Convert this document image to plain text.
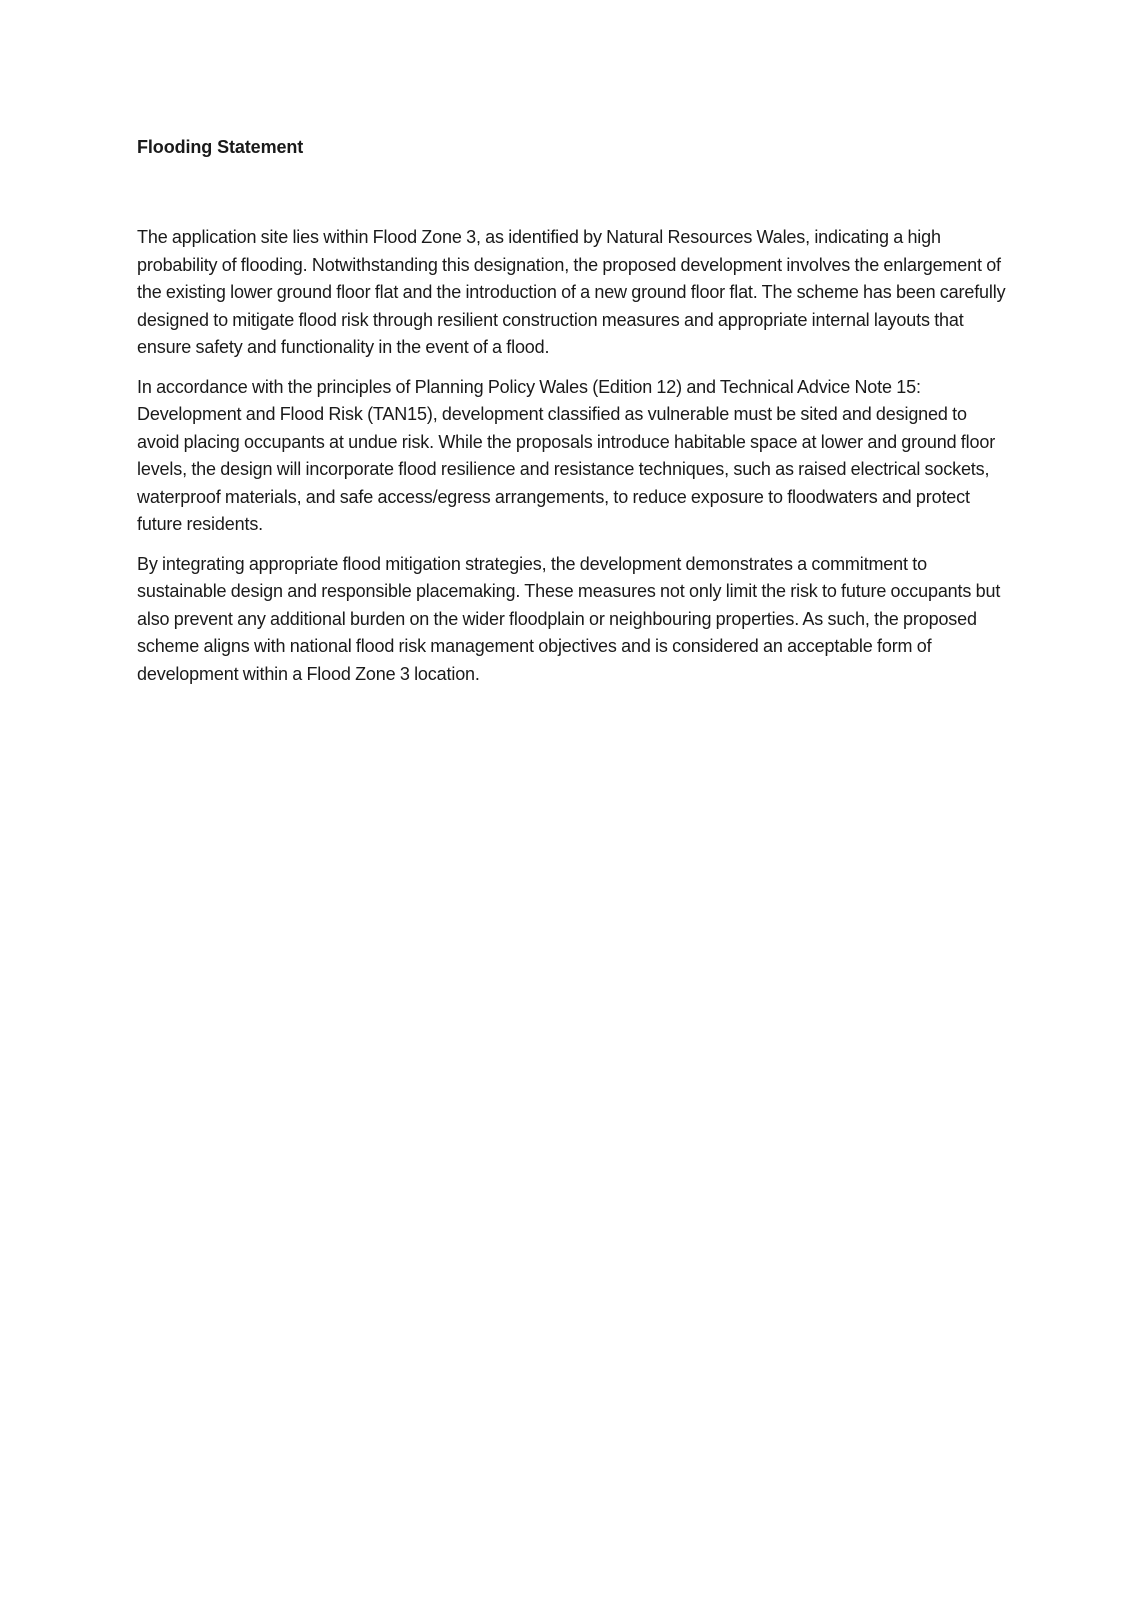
Flooding Statement

The application site lies within Flood Zone 3, as identified by Natural Resources Wales, indicating a high probability of flooding. Notwithstanding this designation, the proposed development involves the enlargement of the existing lower ground floor flat and the introduction of a new ground floor flat. The scheme has been carefully designed to mitigate flood risk through resilient construction measures and appropriate internal layouts that ensure safety and functionality in the event of a flood.

In accordance with the principles of Planning Policy Wales (Edition 12) and Technical Advice Note 15: Development and Flood Risk (TAN15), development classified as vulnerable must be sited and designed to avoid placing occupants at undue risk. While the proposals introduce habitable space at lower and ground floor levels, the design will incorporate flood resilience and resistance techniques, such as raised electrical sockets, waterproof materials, and safe access/egress arrangements, to reduce exposure to floodwaters and protect future residents.

By integrating appropriate flood mitigation strategies, the development demonstrates a commitment to sustainable design and responsible placemaking. These measures not only limit the risk to future occupants but also prevent any additional burden on the wider floodplain or neighbouring properties. As such, the proposed scheme aligns with national flood risk management objectives and is considered an acceptable form of development within a Flood Zone 3 location.
